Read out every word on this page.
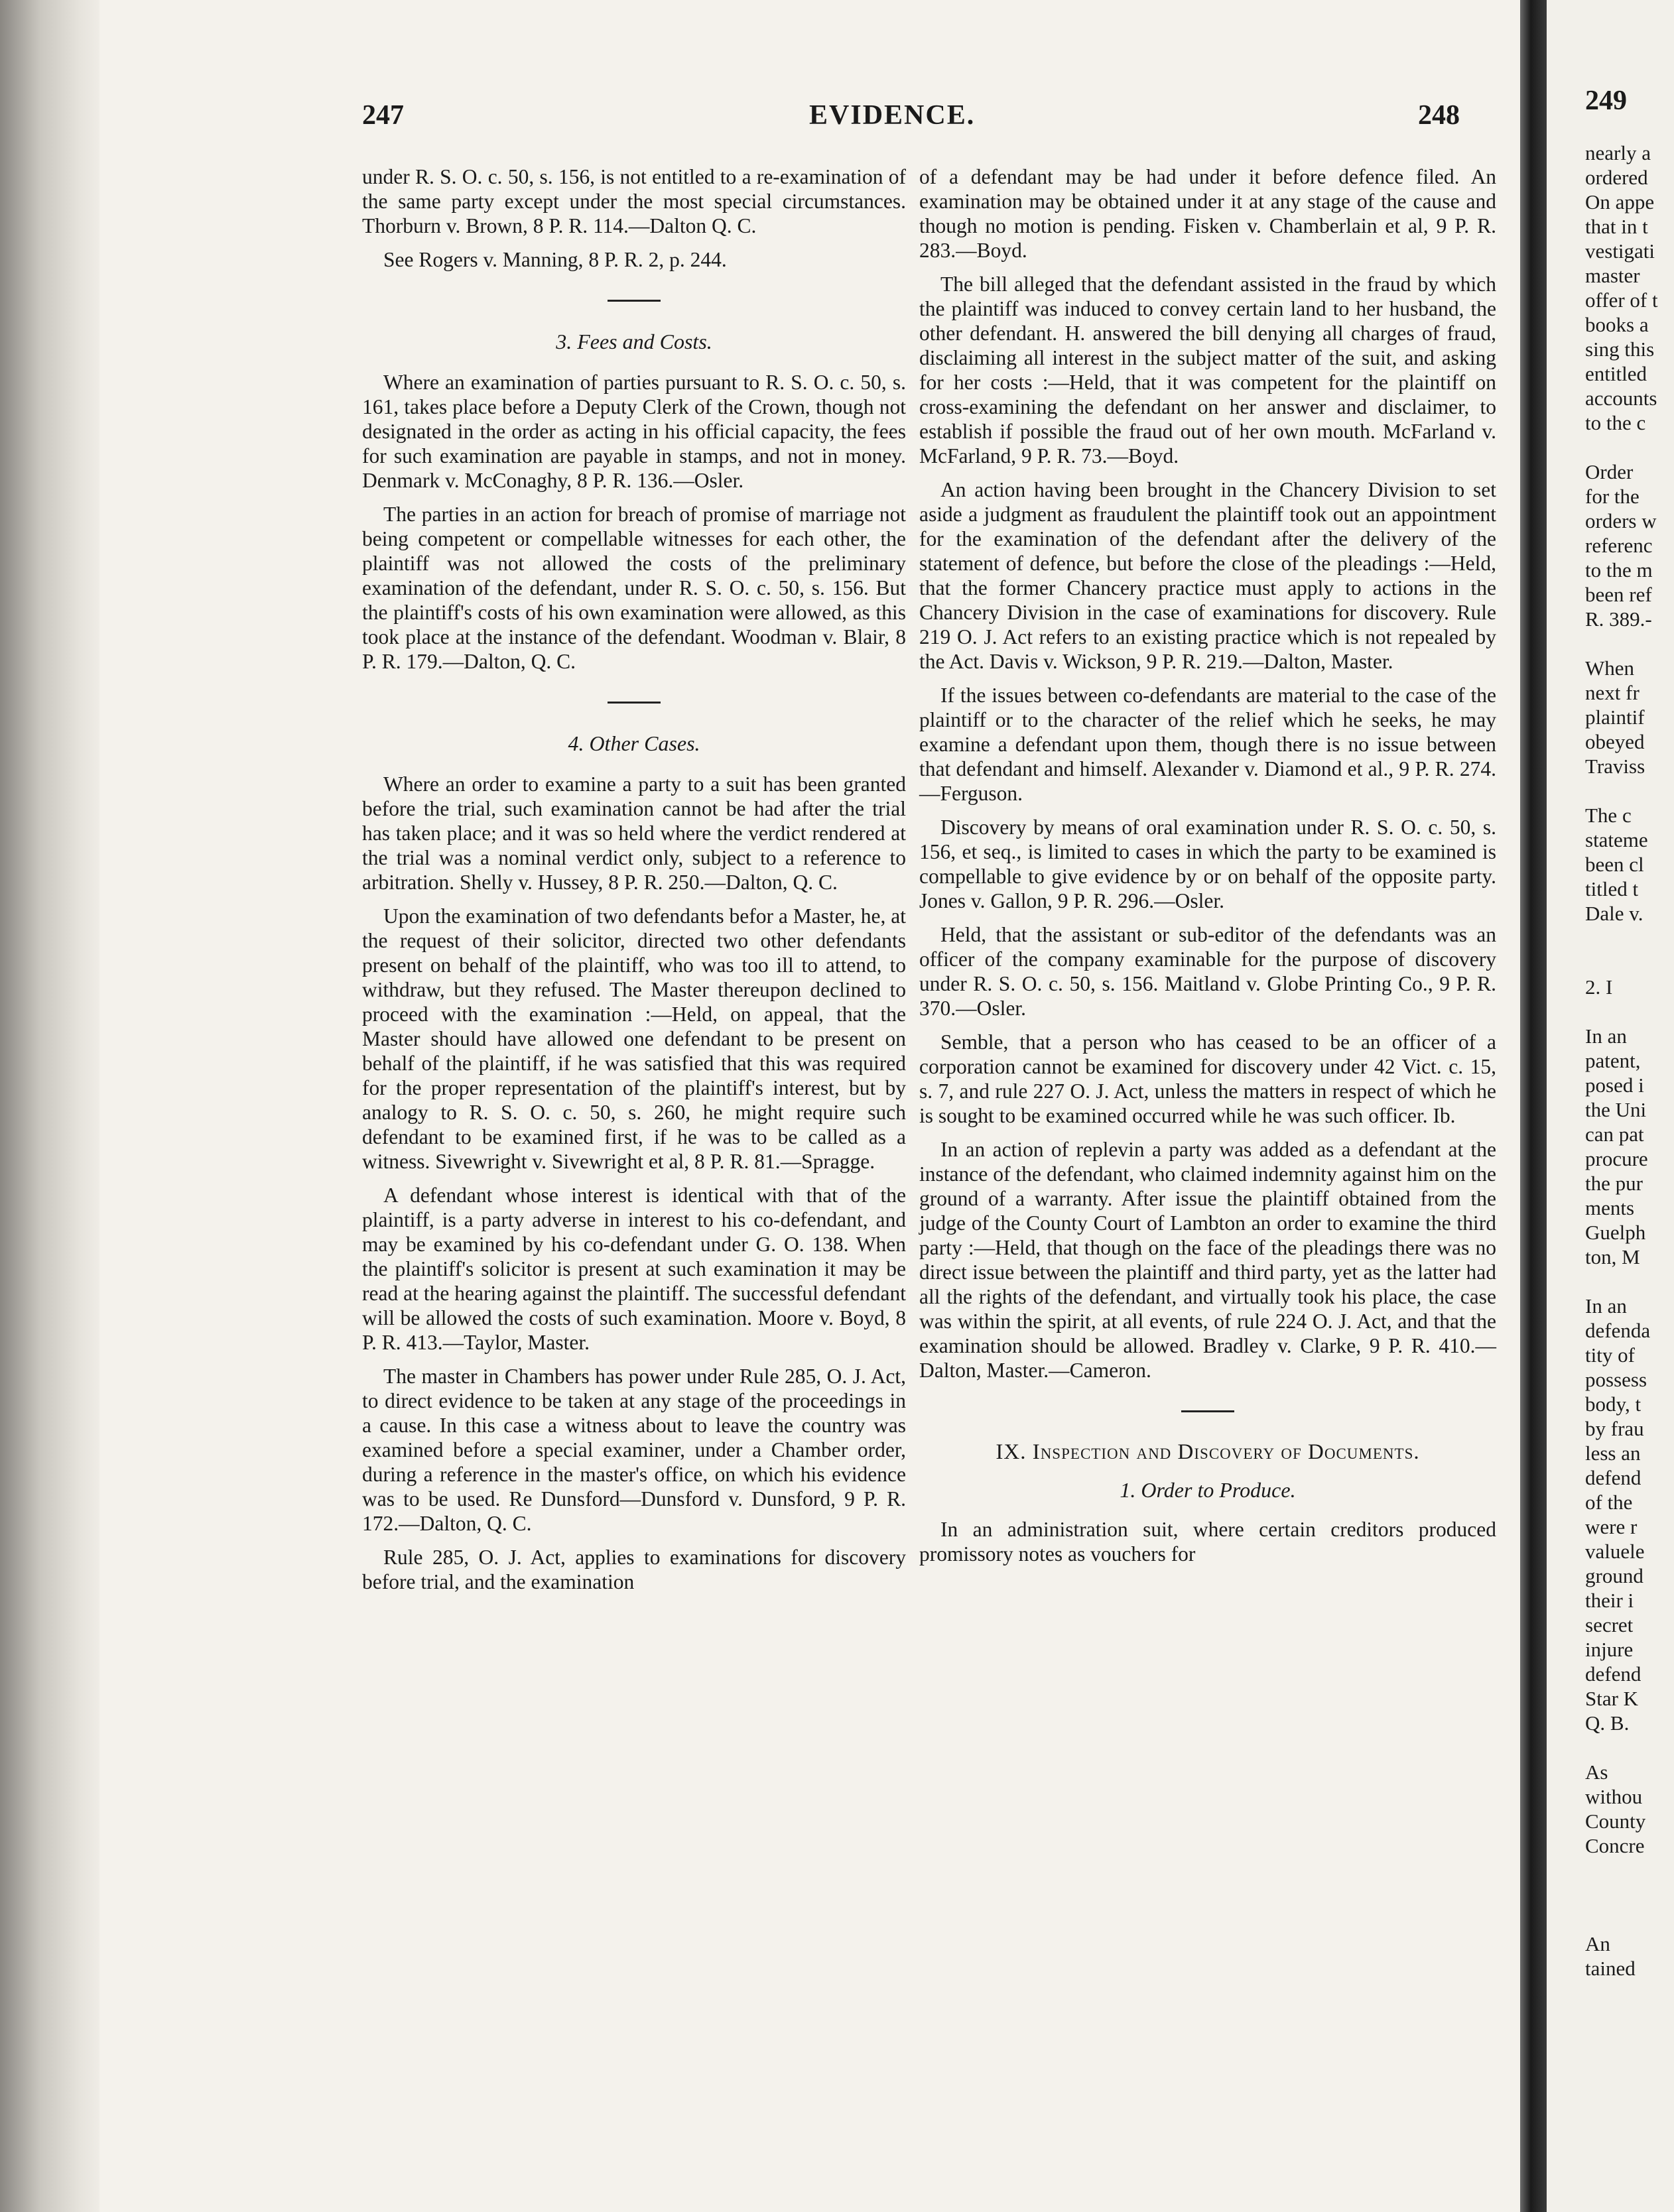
247	EVIDENCE.	248

under R. S. O. c. 50, s. 156, is not entitled to a re-examination of the same party except under the most special circumstances. Thorburn v. Brown, 8 P. R. 114.—Dalton Q. C.

See Rogers v. Manning, 8 P. R. 2, p. 244.

3. Fees and Costs.

Where an examination of parties pursuant to R. S. O. c. 50, s. 161, takes place before a Deputy Clerk of the Crown, though not designated in the order as acting in his official capacity, the fees for such examination are payable in stamps, and not in money. Denmark v. McConaghy, 8 P. R. 136.—Osler.

The parties in an action for breach of promise of marriage not being competent or compellable witnesses for each other, the plaintiff was not allowed the costs of the preliminary examination of the defendant, under R. S. O. c. 50, s. 156. But the plaintiff's costs of his own examination were allowed, as this took place at the instance of the defendant. Woodman v. Blair, 8 P. R. 179.—Dalton, Q. C.

4. Other Cases.

Where an order to examine a party to a suit has been granted before the trial, such examination cannot be had after the trial has taken place; and it was so held where the verdict rendered at the trial was a nominal verdict only, subject to a reference to arbitration. Shelly v. Hussey, 8 P. R. 250.—Dalton, Q. C.

Upon the examination of two defendants befor a Master, he, at the request of their solicitor, directed two other defendants present on behalf of the plaintiff, who was too ill to attend, to withdraw, but they refused. The Master thereupon declined to proceed with the examination :—Held, on appeal, that the Master should have allowed one defendant to be present on behalf of the plaintiff, if he was satisfied that this was required for the proper representation of the plaintiff's interest, but by analogy to R. S. O. c. 50, s. 260, he might require such defendant to be examined first, if he was to be called as a witness. Sivewright v. Sivewright et al, 8 P. R. 81.—Spragge.

A defendant whose interest is identical with that of the plaintiff, is a party adverse in interest to his co-defendant, and may be examined by his co-defendant under G. O. 138. When the plaintiff's solicitor is present at such examination it may be read at the hearing against the plaintiff. The successful defendant will be allowed the costs of such examination. Moore v. Boyd, 8 P. R. 413.—Taylor, Master.

The master in Chambers has power under Rule 285, O. J. Act, to direct evidence to be taken at any stage of the proceedings in a cause. In this case a witness about to leave the country was examined before a special examiner, under a Chamber order, during a reference in the master's office, on which his evidence was to be used. Re Dunsford—Dunsford v. Dunsford, 9 P. R. 172.—Dalton, Q. C.

Rule 285, O. J. Act, applies to examinations for discovery before trial, and the examination

of a defendant may be had under it before defence filed. An examination may be obtained under it at any stage of the cause and though no motion is pending. Fisken v. Chamberlain et al, 9 P. R. 283.—Boyd.

The bill alleged that the defendant assisted in the fraud by which the plaintiff was induced to convey certain land to her husband, the other defendant. H. answered the bill denying all charges of fraud, disclaiming all interest in the subject matter of the suit, and asking for her costs :—Held, that it was competent for the plaintiff on cross-examining the defendant on her answer and disclaimer, to establish if possible the fraud out of her own mouth. McFarland v. McFarland, 9 P. R. 73.—Boyd.

An action having been brought in the Chancery Division to set aside a judgment as fraudulent the plaintiff took out an appointment for the examination of the defendant after the delivery of the statement of defence, but before the close of the pleadings :—Held, that the former Chancery practice must apply to actions in the Chancery Division in the case of examinations for discovery. Rule 219 O. J. Act refers to an existing practice which is not repealed by the Act. Davis v. Wickson, 9 P. R. 219.—Dalton, Master.

If the issues between co-defendants are material to the case of the plaintiff or to the character of the relief which he seeks, he may examine a defendant upon them, though there is no issue between that defendant and himself. Alexander v. Diamond et al., 9 P. R. 274.—Ferguson.

Discovery by means of oral examination under R. S. O. c. 50, s. 156, et seq., is limited to cases in which the party to be examined is compellable to give evidence by or on behalf of the opposite party. Jones v. Gallon, 9 P. R. 296.—Osler.

Held, that the assistant or sub-editor of the defendants was an officer of the company examinable for the purpose of discovery under R. S. O. c. 50, s. 156. Maitland v. Globe Printing Co., 9 P. R. 370.—Osler.

Semble, that a person who has ceased to be an officer of a corporation cannot be examined for discovery under 42 Vict. c. 15, s. 7, and rule 227 O. J. Act, unless the matters in respect of which he is sought to be examined occurred while he was such officer. Ib.

In an action of replevin a party was added as a defendant at the instance of the defendant, who claimed indemnity against him on the ground of a warranty. After issue the plaintiff obtained from the judge of the County Court of Lambton an order to examine the third party :—Held, that though on the face of the pleadings there was no direct issue between the plaintiff and third party, yet as the latter had all the rights of the defendant, and virtually took his place, the case was within the spirit, at all events, of rule 224 O. J. Act, and that the examination should be allowed. Bradley v. Clarke, 9 P. R. 410.—Dalton, Master.—Cameron.

IX. Inspection and Discovery of Documents.
1. Order to Produce.

In an administration suit, where certain creditors produced promissory notes as vouchers for

249
nearly a
ordered
On appe
that in t
vestigati
master
offer of t
books a
sing this
entitled
accounts
to the c
Order
for the
orders w
referenc
to the m
been ref
R. 389.-
When
next fr
plaintif
obeyed
Traviss
The c
stateme
been cl
titled t
Dale v.
2. I
In an
patent,
posed i
the Uni
can pat
procure
the pur
ments
Guelph
ton, M
In an
defenda
tity of
possess
body, t
by frau
less an
defend
of the
were r
valuele
ground
their i
secret
injure
defend
Star K
Q. B.
As
withou
County
Concre
An
tained
